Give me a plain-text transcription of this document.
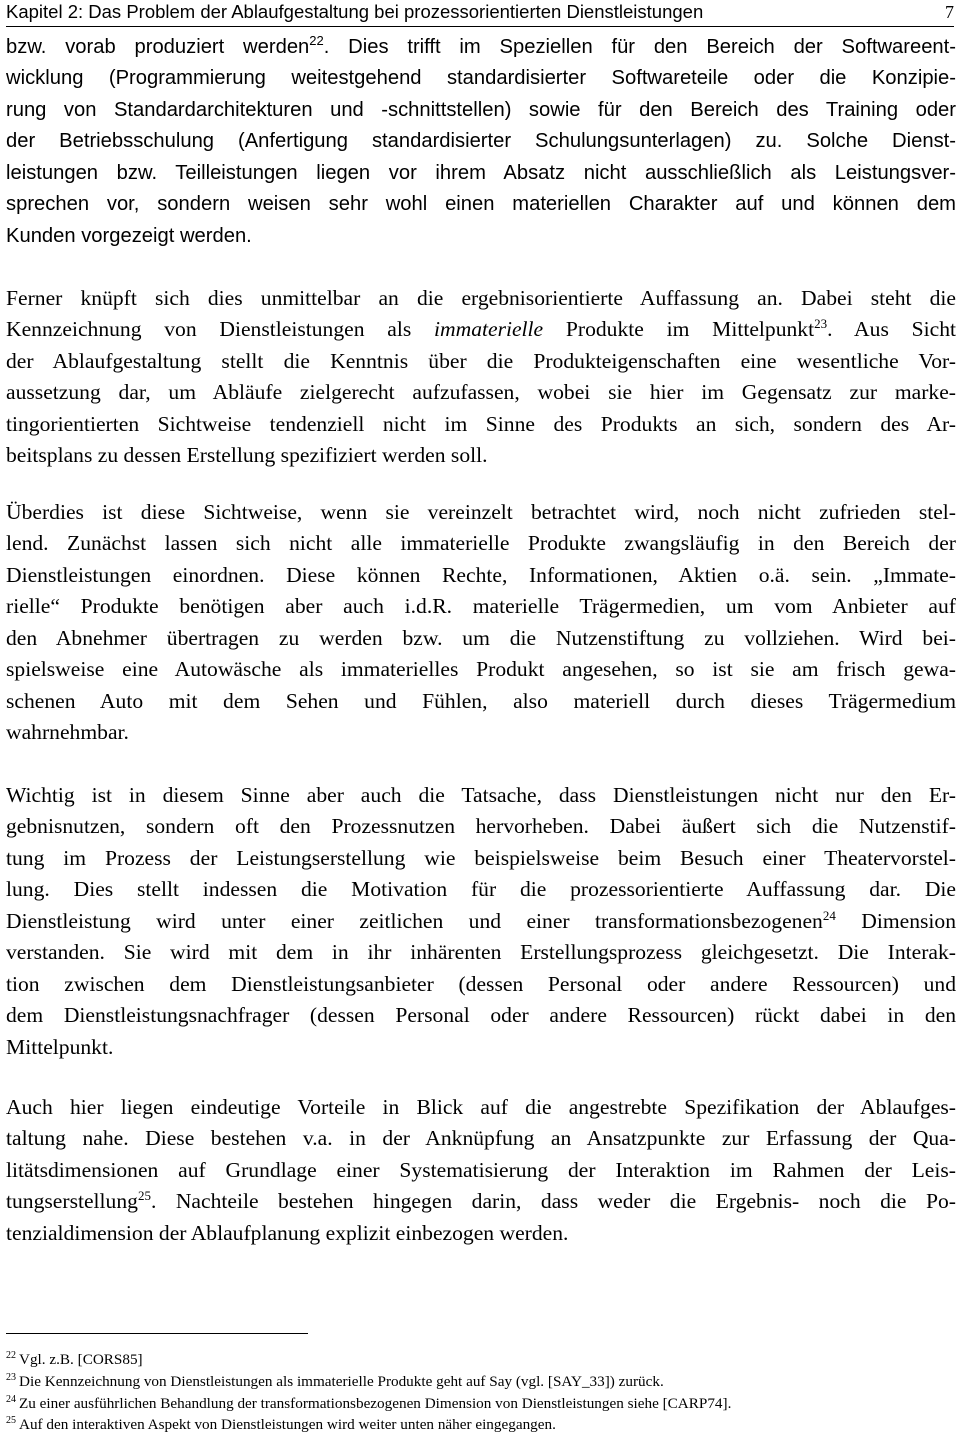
Kapitel 2: Das Problem der Ablaufgestaltung bei prozessorientierten Dienstleistungen	7
bzw. vorab produziert werden$^{22}$. Dies trifft im Speziellen für den Bereich der Softwareent-
wicklung (Programmierung weitestgehend standardisierter Softwareteile oder die Konzipie-
rung von Standardarchitekturen und -schnittstellen) sowie für den Bereich des Training oder
der Betriebsschulung (Anfertigung standardisierter Schulungsunterlagen) zu. Solche Dienst-
leistungen bzw. Teilleistungen liegen vor ihrem Absatz nicht ausschließlich als Leistungsver-
sprechen vor, sondern weisen sehr wohl einen materiellen Charakter auf und können dem
Kunden vorgezeigt werden.
Ferner knüpft sich dies unmittelbar an die ergebnisorientierte Auffassung an. Dabei steht die
Kennzeichnung von Dienstleistungen als immaterielle Produkte im Mittelpunkt$^{23}$. Aus Sicht
der Ablaufgestaltung stellt die Kenntnis über die Produkteigenschaften eine wesentliche Vor-
aussetzung dar, um Abläufe zielgerecht aufzufassen, wobei sie hier im Gegensatz zur marke-
tingorientierten Sichtweise tendenziell nicht im Sinne des Produkts an sich, sondern des Ar-
beitsplans zu dessen Erstellung spezifiziert werden soll.
Überdies ist diese Sichtweise, wenn sie vereinzelt betrachtet wird, noch nicht zufrieden stel-
lend. Zunächst lassen sich nicht alle immaterielle Produkte zwangsläufig in den Bereich der
Dienstleistungen einordnen. Diese können Rechte, Informationen, Aktien o.ä. sein. „Immate-
rielle“ Produkte benötigen aber auch i.d.R. materielle Trägermedien, um vom Anbieter auf
den Abnehmer übertragen zu werden bzw. um die Nutzenstiftung zu vollziehen. Wird bei-
spielsweise eine Autowäsche als immaterielles Produkt angesehen, so ist sie am frisch gewa-
schenen Auto mit dem Sehen und Fühlen, also materiell durch dieses Trägermedium
wahrnehmbar.
Wichtig ist in diesem Sinne aber auch die Tatsache, dass Dienstleistungen nicht nur den Er-
gebnisnutzen, sondern oft den Prozessnutzen hervorheben. Dabei äußert sich die Nutzenstif-
tung im Prozess der Leistungserstellung wie beispielsweise beim Besuch einer Theatervorstel-
lung. Dies stellt indessen die Motivation für die prozessorientierte Auffassung dar. Die
Dienstleistung wird unter einer zeitlichen und einer transformationsbezogenen$^{24}$ Dimension
verstanden. Sie wird mit dem in ihr inhärenten Erstellungsprozess gleichgesetzt. Die Interak-
tion zwischen dem Dienstleistungsanbieter (dessen Personal oder andere Ressourcen) und
dem Dienstleistungsnachfrager (dessen Personal oder andere Ressourcen) rückt dabei in den
Mittelpunkt.
Auch hier liegen eindeutige Vorteile in Blick auf die angestrebte Spezifikation der Ablaufges-
taltung nahe. Diese bestehen v.a. in der Anknüpfung an Ansatzpunkte zur Erfassung der Qua-
litätsdimensionen auf Grundlage einer Systematisierung der Interaktion im Rahmen der Leis-
tungserstellung$^{25}$. Nachteile bestehen hingegen darin, dass weder die Ergebnis- noch die Po-
tenzialdimension der Ablaufplanung explizit einbezogen werden.
$^{22}$ Vgl. z.B. [CORS85]
$^{23}$ Die Kennzeichnung von Dienstleistungen als immaterielle Produkte geht auf Say (vgl. [SAY_33]) zurück.
$^{24}$ Zu einer ausführlichen Behandlung der transformationsbezogenen Dimension von Dienstleistungen siehe [CARP74].
$^{25}$ Auf den interaktiven Aspekt von Dienstleistungen wird weiter unten näher eingegangen.
